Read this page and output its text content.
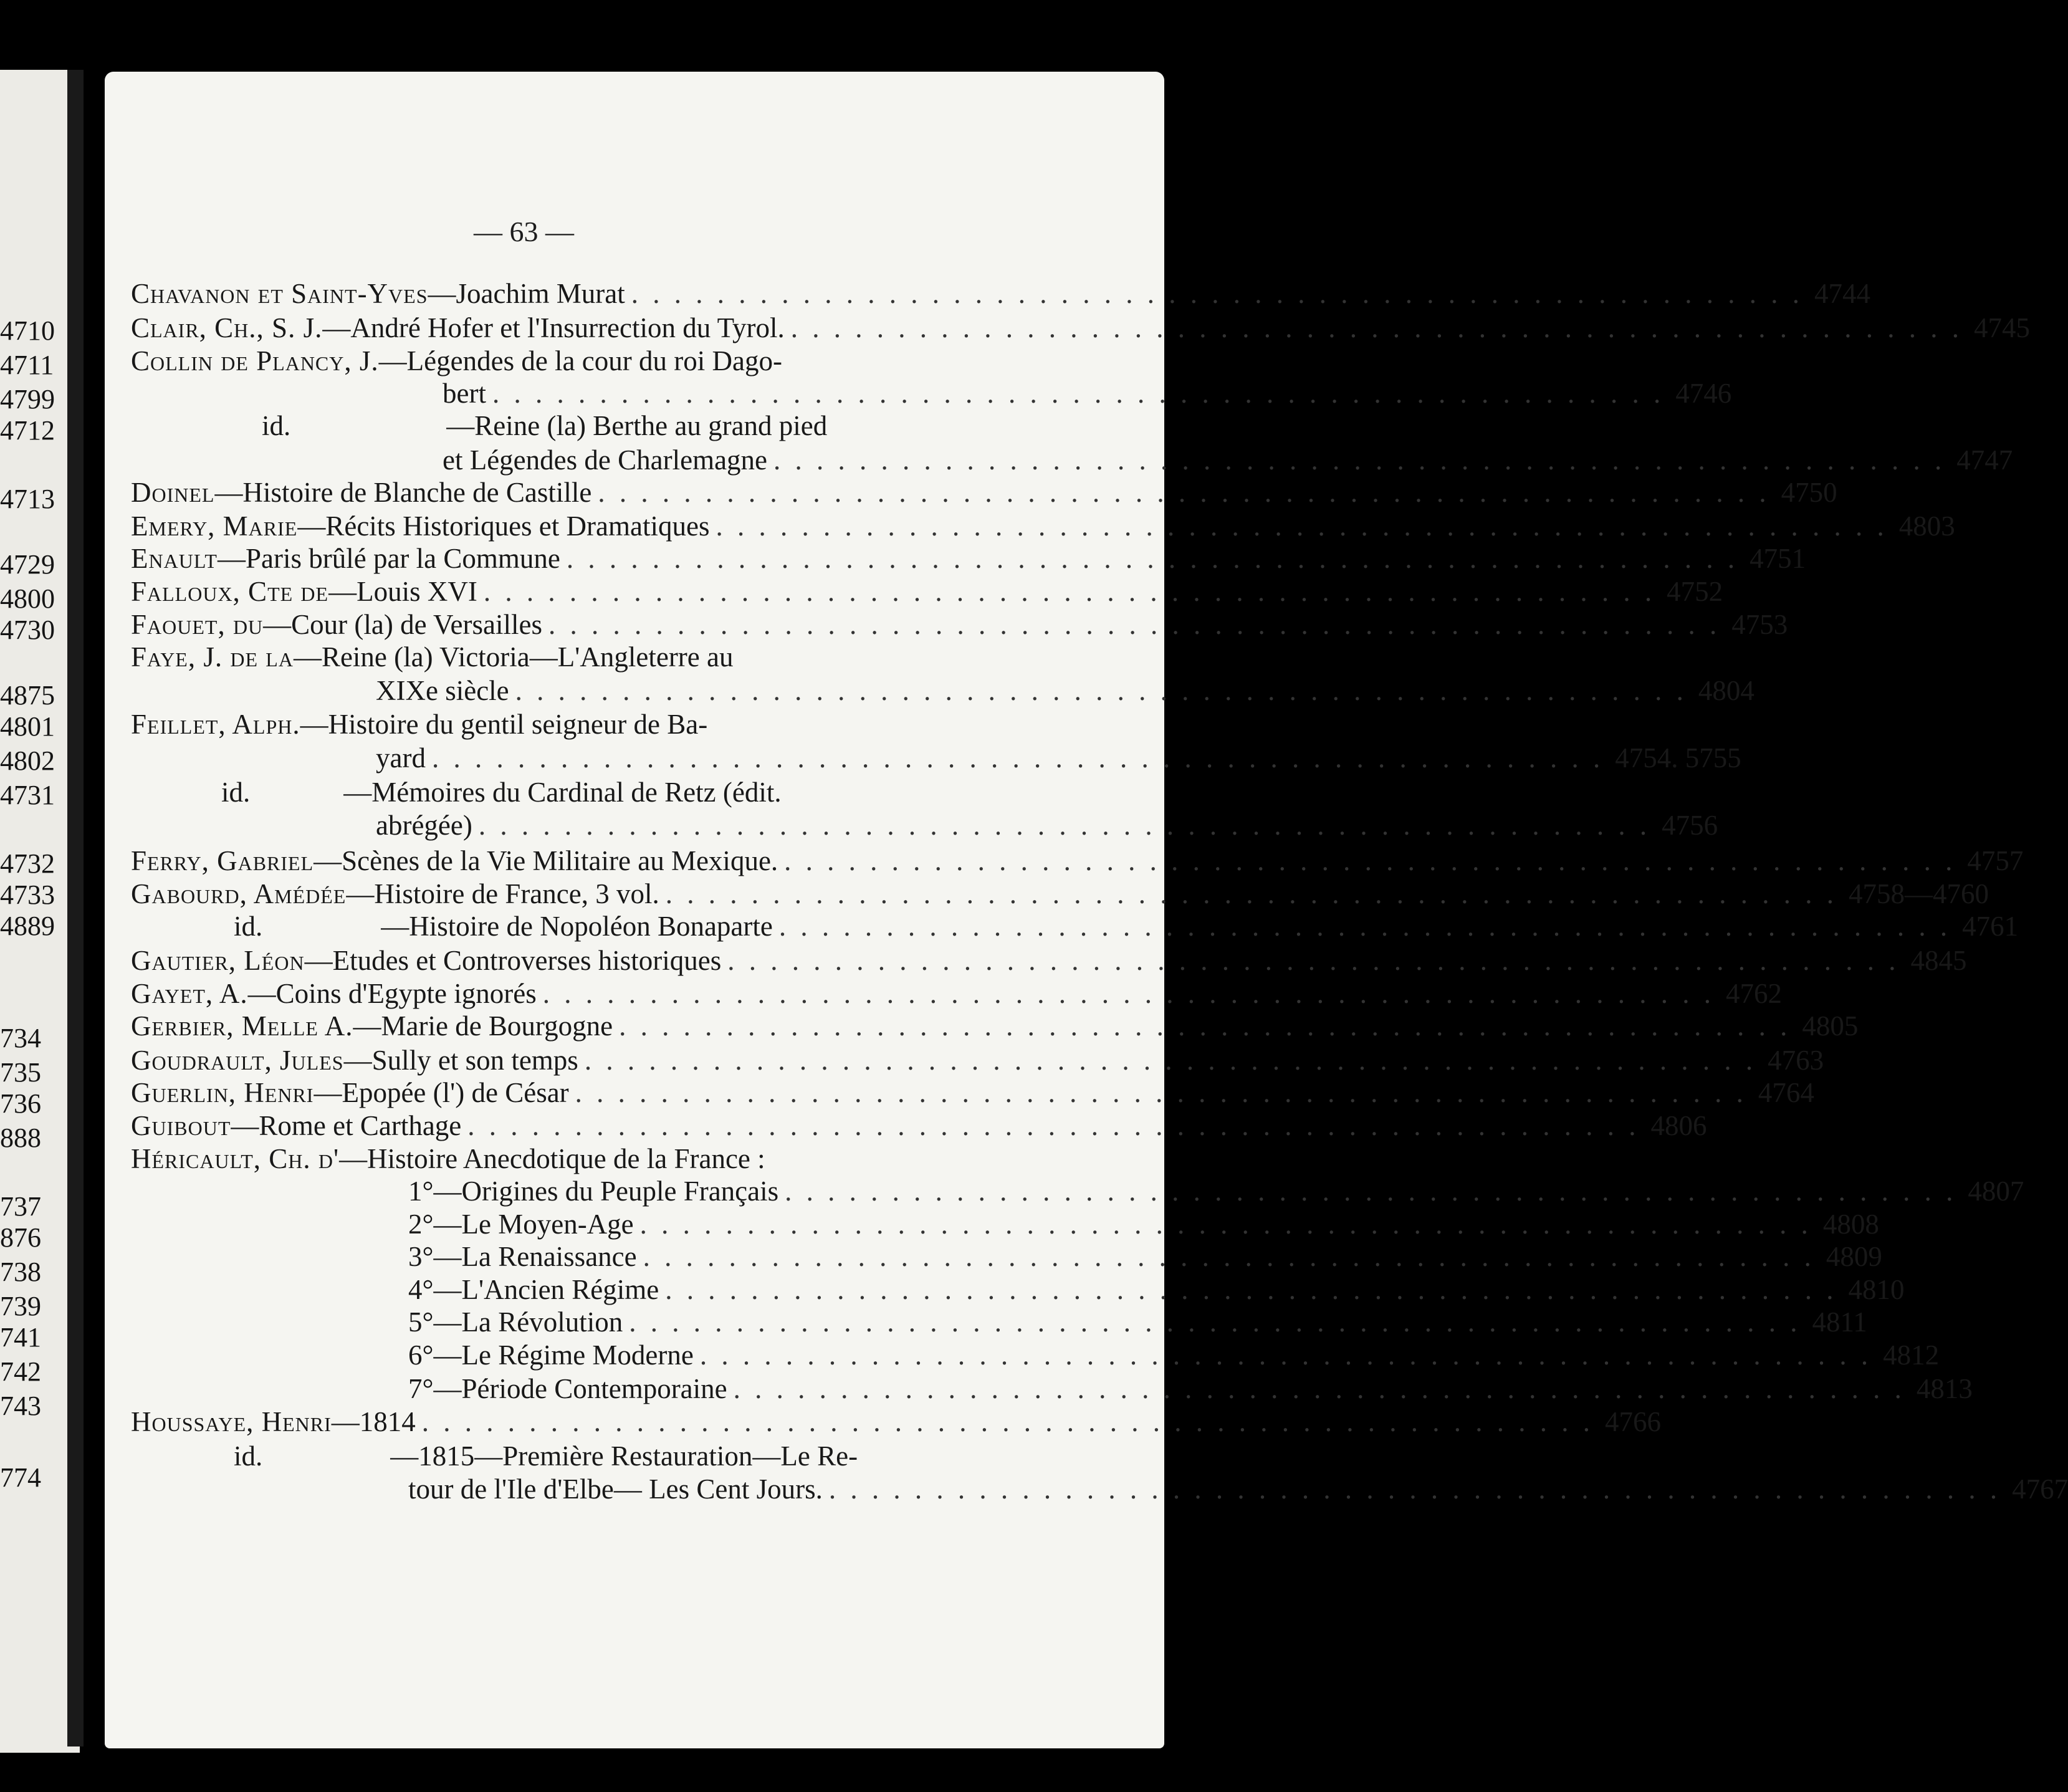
4710
4711
4799
4712
4713
4729
4800
4730
4875
4801
4802
4731
4732
4733
4889
734
735
736
888
737
876
738
739
741
742
743
774
— 63 —
Chavanon et Saint-Yves — Joachim Murat . . . . . . . . . . . . . . . . . . . . . . . . . . . . . . . . . . . . . . . . . . . . . . . . . . . . . . . 4744
Clair, Ch., S. J. — André Hofer et l'Insurrection du Tyrol. . . . . . . . . . . . . . . . . . . . . . . . . . . . . . . . . . . . . . . . . . . . . . . . . . . . . . . . 4745
Collin de Plancy, J. — Légendes de la cour du roi Dago-
bert . . . . . . . . . . . . . . . . . . . . . . . . . . . . . . . . . . . . . . . . . . . . . . . . . . . . . . . 4746
id.	—Reine (la) Berthe au grand pied
et Légendes de Charlemagne . . . . . . . . . . . . . . . . . . . . . . . . . . . . . . . . . . . . . . . . . . . . . . . . . . . . . . . 4747
Doinel — Histoire de Blanche de Castille . . . . . . . . . . . . . . . . . . . . . . . . . . . . . . . . . . . . . . . . . . . . . . . . . . . . . . . 4750
Emery, Marie — Récits Historiques et Dramatiques . . . . . . . . . . . . . . . . . . . . . . . . . . . . . . . . . . . . . . . . . . . . . . . . . . . . . . . 4803
Enault — Paris brûlé par la Commune . . . . . . . . . . . . . . . . . . . . . . . . . . . . . . . . . . . . . . . . . . . . . . . . . . . . . . . 4751
Falloux, Cte de — Louis XVI . . . . . . . . . . . . . . . . . . . . . . . . . . . . . . . . . . . . . . . . . . . . . . . . . . . . . . . 4752
Faouet, du — Cour (la) de Versailles . . . . . . . . . . . . . . . . . . . . . . . . . . . . . . . . . . . . . . . . . . . . . . . . . . . . . . . 4753
Faye, J. de la — Reine (la) Victoria—L'Angleterre au
XIXe siècle . . . . . . . . . . . . . . . . . . . . . . . . . . . . . . . . . . . . . . . . . . . . . . . . . . . . . . . 4804
Feillet, Alph. — Histoire du gentil seigneur de Ba-
yard . . . . . . . . . . . . . . . . . . . . . . . . . . . . . . . . . . . . . . . . . . . . . . . . . . . . . . . 4754. 5755
id.	—Mémoires du Cardinal de Retz (édit.
abrégée) . . . . . . . . . . . . . . . . . . . . . . . . . . . . . . . . . . . . . . . . . . . . . . . . . . . . . . . 4756
Ferry, Gabriel — Scènes de la Vie Militaire au Mexique. . . . . . . . . . . . . . . . . . . . . . . . . . . . . . . . . . . . . . . . . . . . . . . . . . . . . . . . 4757
Gabourd, Amédée — Histoire de France, 3 vol. . . . . . . . . . . . . . . . . . . . . . . . . . . . . . . . . . . . . . . . . . . . . . . . . . . . . . . . 4758—4760
id.	—Histoire de Nopoléon Bonaparte . . . . . . . . . . . . . . . . . . . . . . . . . . . . . . . . . . . . . . . . . . . . . . . . . . . . . . . 4761
Gautier, Léon — Etudes et Controverses historiques . . . . . . . . . . . . . . . . . . . . . . . . . . . . . . . . . . . . . . . . . . . . . . . . . . . . . . . 4845
Gayet, A. — Coins d'Egypte ignorés . . . . . . . . . . . . . . . . . . . . . . . . . . . . . . . . . . . . . . . . . . . . . . . . . . . . . . . 4762
Gerbier, Melle A. — Marie de Bourgogne . . . . . . . . . . . . . . . . . . . . . . . . . . . . . . . . . . . . . . . . . . . . . . . . . . . . . . . 4805
Goudrault, Jules — Sully et son temps . . . . . . . . . . . . . . . . . . . . . . . . . . . . . . . . . . . . . . . . . . . . . . . . . . . . . . . 4763
Guerlin, Henri — Epopée (l') de César . . . . . . . . . . . . . . . . . . . . . . . . . . . . . . . . . . . . . . . . . . . . . . . . . . . . . . . 4764
Guibout — Rome et Carthage . . . . . . . . . . . . . . . . . . . . . . . . . . . . . . . . . . . . . . . . . . . . . . . . . . . . . . . 4806
Héricault, Ch. d' — Histoire Anecdotique de la France :
1°—Origines du Peuple Français . . . . . . . . . . . . . . . . . . . . . . . . . . . . . . . . . . . . . . . . . . . . . . . . . . . . . . . 4807
2°—Le Moyen-Age . . . . . . . . . . . . . . . . . . . . . . . . . . . . . . . . . . . . . . . . . . . . . . . . . . . . . . . 4808
3°—La Renaissance . . . . . . . . . . . . . . . . . . . . . . . . . . . . . . . . . . . . . . . . . . . . . . . . . . . . . . . 4809
4°—L'Ancien Régime . . . . . . . . . . . . . . . . . . . . . . . . . . . . . . . . . . . . . . . . . . . . . . . . . . . . . . . 4810
5°—La Révolution . . . . . . . . . . . . . . . . . . . . . . . . . . . . . . . . . . . . . . . . . . . . . . . . . . . . . . . 4811
6°—Le Régime Moderne . . . . . . . . . . . . . . . . . . . . . . . . . . . . . . . . . . . . . . . . . . . . . . . . . . . . . . . 4812
7°—Période Contemporaine . . . . . . . . . . . . . . . . . . . . . . . . . . . . . . . . . . . . . . . . . . . . . . . . . . . . . . . 4813
Houssaye, Henri — 1814 . . . . . . . . . . . . . . . . . . . . . . . . . . . . . . . . . . . . . . . . . . . . . . . . . . . . . . . 4766
id.	—1815—Première Restauration—Le Re-
tour de l'Ile d'Elbe— Les Cent Jours. . . . . . . . . . . . . . . . . . . . . . . . . . . . . . . . . . . . . . . . . . . . . . . . . . . . . . . . 4767
